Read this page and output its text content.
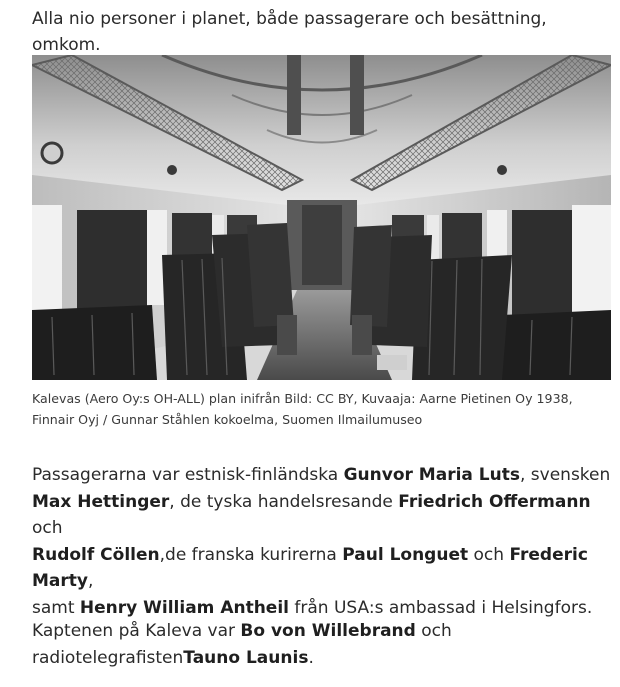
Alla nio personer i planet, både passagerare och besättning, omkom.

Kalevas (Aero Oy:s OH-ALL) plan inifrån Bild: CC BY, Kuvaaja: Aarne Pietinen Oy 1938,
Finnair Oyj / Gunnar Ståhlen kokoelma, Suomen Ilmailumuseo

Passagerarna var estnisk-finländska Gunvor Maria Luts, svensken
Max Hettinger, de tyska handelsresande Friedrich Offermann och
Rudolf Cöllen,de franska kurirerna Paul Longuet och Frederic Marty,
samt Henry William Antheil från USA:s ambassad i Helsingfors.

Kaptenen på Kaleva var Bo von Willebrand och
radiotelegrafistenTauno Launis.
